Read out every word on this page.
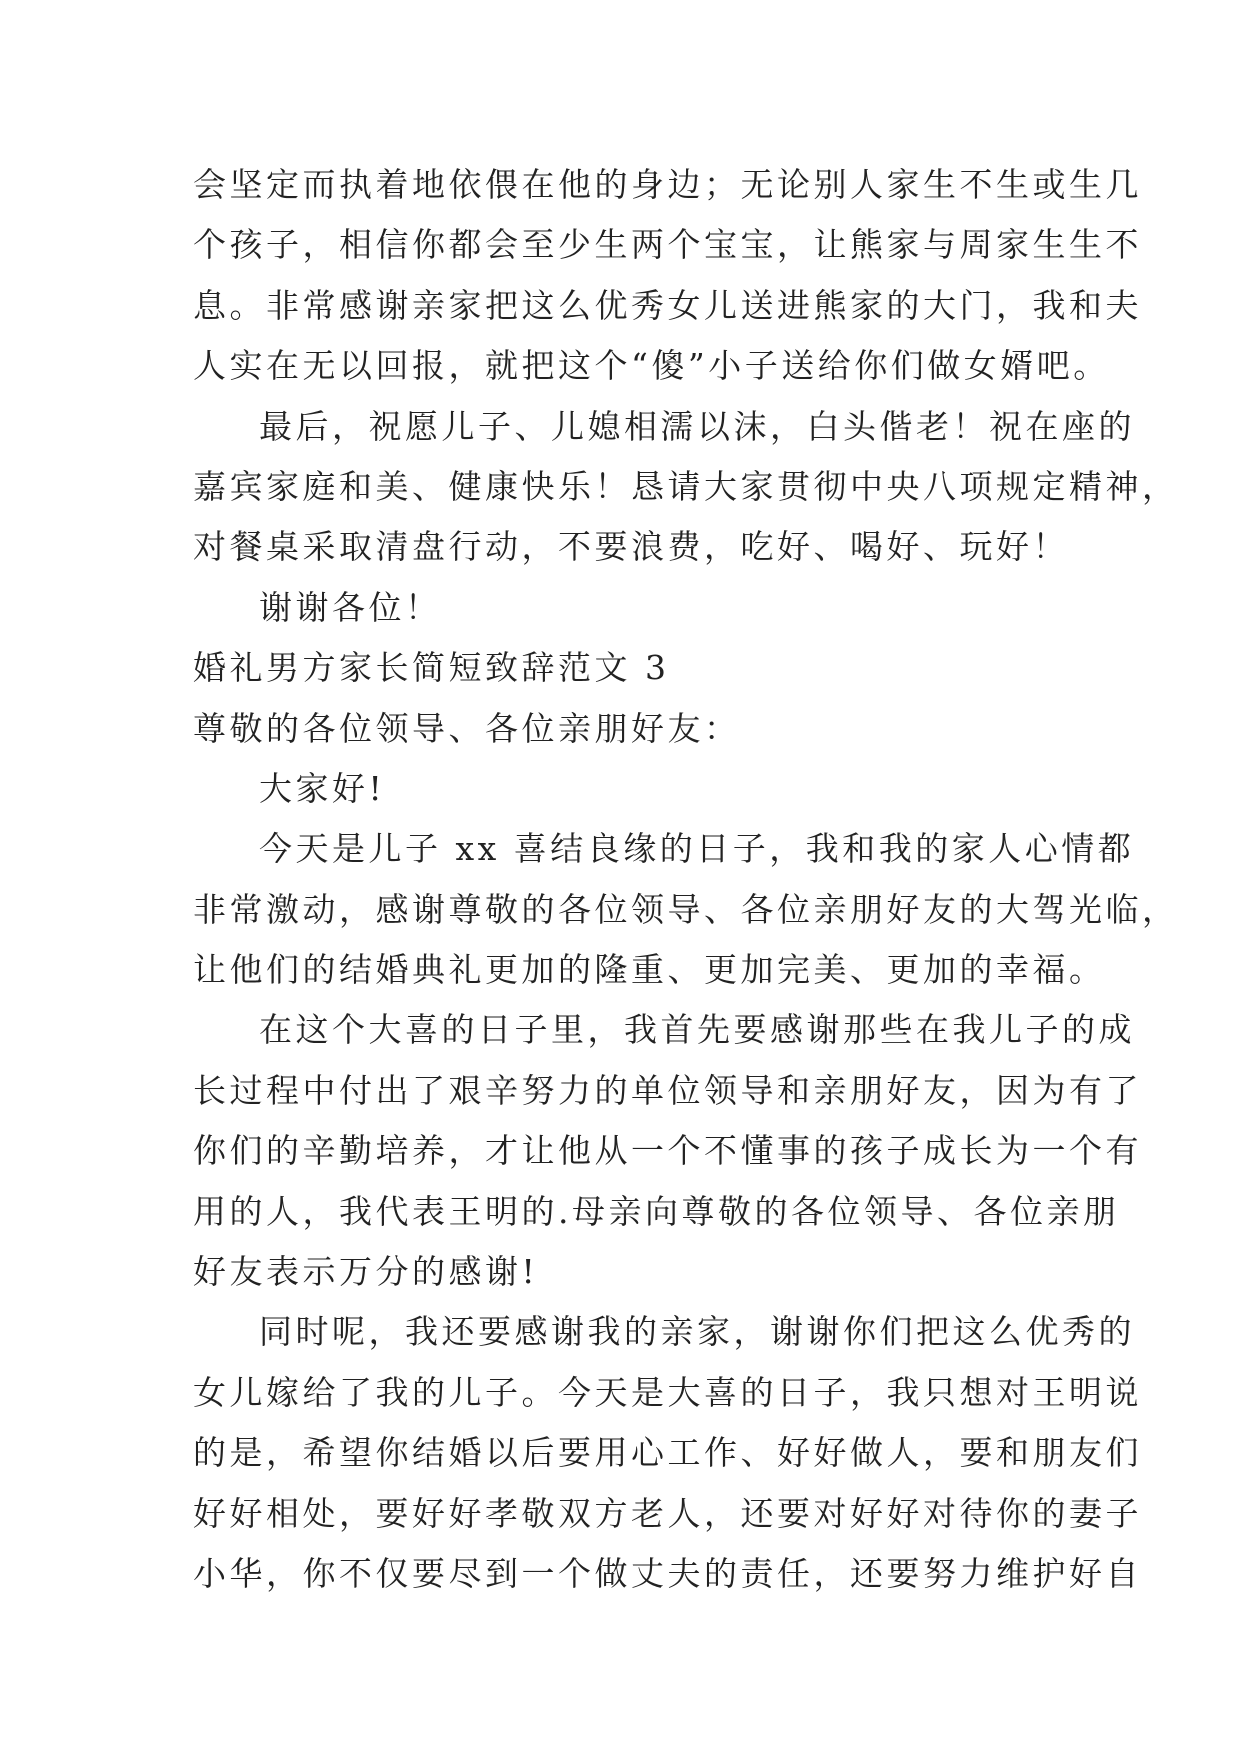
会坚定而执着地依偎在他的身边；无论别人家生不生或生几
个孩子，相信你都会至少生两个宝宝，让熊家与周家生生不
息。非常感谢亲家把这么优秀女儿送进熊家的大门，我和夫
人实在无以回报，就把这个“傻”小子送给你们做女婿吧。
最后，祝愿儿子、儿媳相濡以沫，白头偕老！祝在座的
嘉宾家庭和美、健康快乐！恳请大家贯彻中央八项规定精神，
对餐桌采取清盘行动，不要浪费，吃好、喝好、玩好！
谢谢各位！
婚礼男方家长简短致辞范文 3
尊敬的各位领导、各位亲朋好友：
大家好!
今天是儿子 xx 喜结良缘的日子，我和我的家人心情都
非常激动，感谢尊敬的各位领导、各位亲朋好友的大驾光临，
让他们的结婚典礼更加的隆重、更加完美、更加的幸福。
在这个大喜的日子里，我首先要感谢那些在我儿子的成
长过程中付出了艰辛努力的单位领导和亲朋好友，因为有了
你们的辛勤培养，才让他从一个不懂事的孩子成长为一个有
用的人，我代表王明的.母亲向尊敬的各位领导、各位亲朋
好友表示万分的感谢!
同时呢，我还要感谢我的亲家，谢谢你们把这么优秀的
女儿嫁给了我的儿子。今天是大喜的日子，我只想对王明说
的是，希望你结婚以后要用心工作、好好做人，要和朋友们
好好相处，要好好孝敬双方老人，还要对好好对待你的妻子
小华，你不仅要尽到一个做丈夫的责任，还要努力维护好自
